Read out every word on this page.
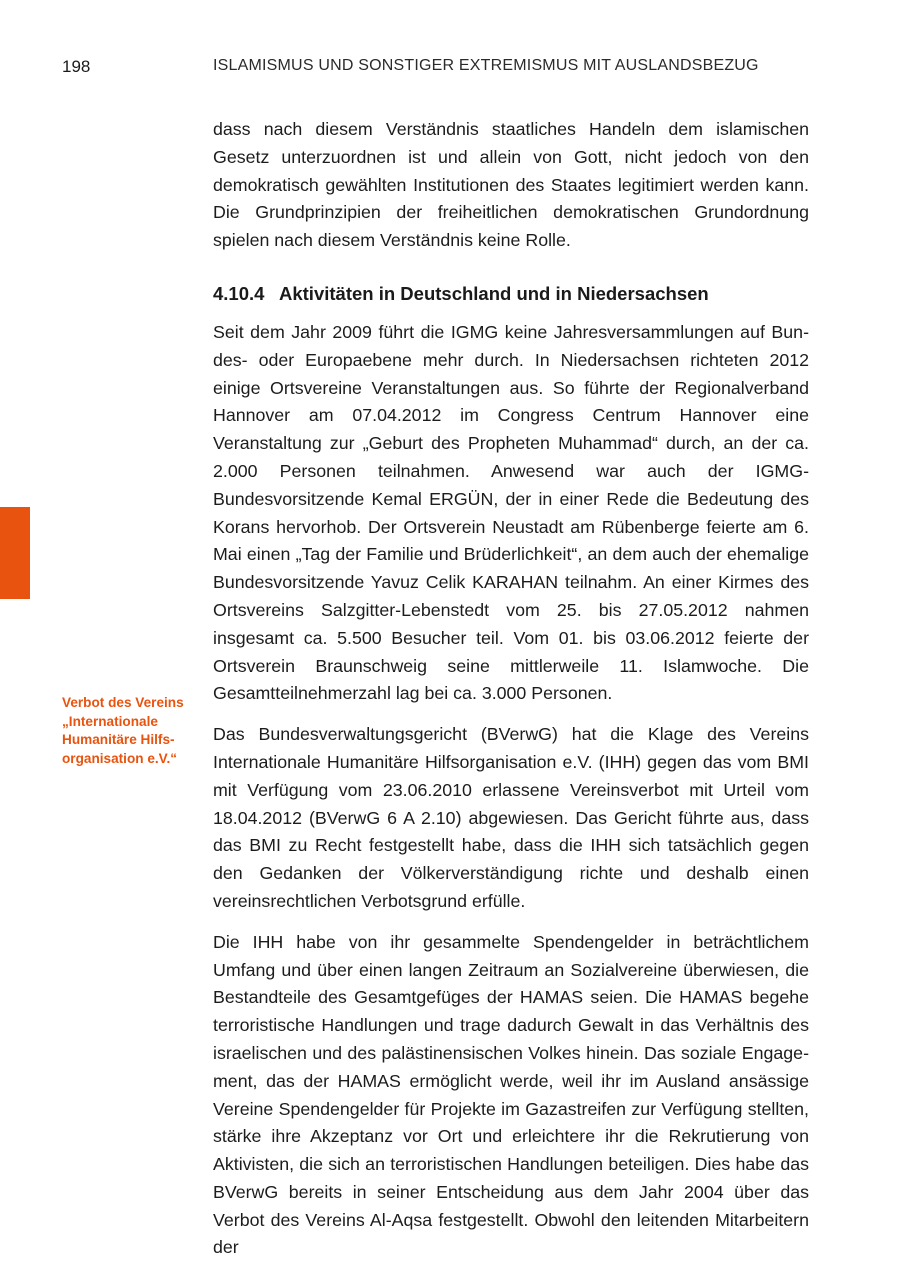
198	ISLAMISMUS UND SONSTIGER EXTREMISMUS MIT AUSLANDSBEZUG
Verbot des Vereins
„Internationale
Humanitäre Hilfs-
organisation e.V.“

dass nach diesem Verständnis staatliches Handeln dem islamischen Gesetz unterzuordnen ist und allein von Gott, nicht jedoch von den demokratisch gewählten Institutionen des Staates legitimiert werden kann. Die Grundprinzipien der freiheitlichen demokratischen Grundordnung spielen nach diesem Verständnis keine Rolle.

4.10.4 Aktivitäten in Deutschland und in Niedersachsen

Seit dem Jahr 2009 führt die IGMG keine Jahresversammlungen auf Bundes- oder Europaebene mehr durch. In Niedersachsen richteten 2012 einige Ortsvereine Veranstaltungen aus. So führte der Regionalverband Hannover am 07.04.2012 im Congress Centrum Hannover eine Veranstaltung zur „Geburt des Propheten Muhammad“ durch, an der ca. 2.000 Personen teilnahmen. Anwesend war auch der IGMG-Bundesvorsitzende Kemal ERGÜN, der in einer Rede die Bedeutung des Korans hervorhob. Der Ortsverein Neustadt am Rübenberge feierte am 6. Mai einen „Tag der Familie und Brüderlichkeit“, an dem auch der ehemalige Bundesvorsitzende Yavuz Celik KARAHAN teilnahm. An einer Kirmes des Ortsvereins Salzgitter-Lebenstedt vom 25. bis 27.05.2012 nahmen insgesamt ca. 5.500 Besucher teil. Vom 01. bis 03.06.2012 feierte der Ortsverein Braunschweig seine mittlerweile 11. Islamwoche. Die Gesamtteilnehmerzahl lag bei ca. 3.000 Personen.

Das Bundesverwaltungsgericht (BVerwG) hat die Klage des Vereins Internationale Humanitäre Hilfsorganisation e.V. (IHH) gegen das vom BMI mit Verfügung vom 23.06.2010 erlassene Vereinsverbot mit Urteil vom 18.04.2012 (BVerwG 6 A 2.10) abgewiesen. Das Gericht führte aus, dass das BMI zu Recht festgestellt habe, dass die IHH sich tatsächlich gegen den Gedanken der Völkerverständigung richte und deshalb einen vereinsrechtlichen Verbotsgrund erfülle.

Die IHH habe von ihr gesammelte Spendengelder in beträchtlichem Umfang und über einen langen Zeitraum an Sozialvereine überwiesen, die Bestandteile des Gesamtgefüges der HAMAS seien. Die HAMAS begehe terroristische Handlungen und trage dadurch Gewalt in das Verhältnis des israelischen und des palästinensischen Volkes hinein. Das soziale Engagement, das der HAMAS ermöglicht werde, weil ihr im Ausland ansässige Vereine Spendengelder für Projekte im Gazastreifen zur Verfügung stellten, stärke ihre Akzeptanz vor Ort und erleichtere ihr die Rekrutierung von Aktivisten, die sich an terroristischen Handlungen beteiligen. Dies habe das BVerwG bereits in seiner Entscheidung aus dem Jahr 2004 über das Verbot des Vereins Al-Aqsa festgestellt. Obwohl den leitenden Mitarbeitern der
